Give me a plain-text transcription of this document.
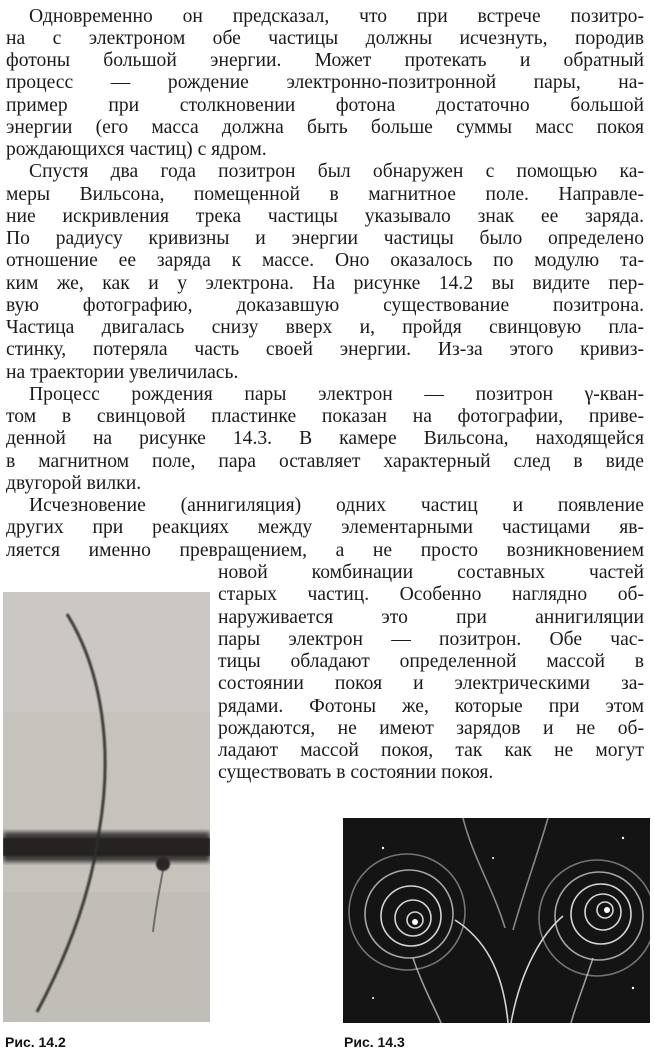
Одновременно он предсказал, что при встрече позитро-

на с электроном обе частицы должны исчезнуть, породив

фотоны большой энергии. Может протекать и обратный

процесс — рождение электронно-позитронной пары, на-

пример при столкновении фотона достаточно большой

энергии (его масса должна быть больше суммы масс покоя

рождающихся частиц) с ядром.

Спустя два года позитрон был обнаружен с помощью ка-

меры Вильсона, помещенной в магнитное поле. Направле-

ние искривления трека частицы указывало знак ее заряда.

По радиусу кривизны и энергии частицы было определено

отношение ее заряда к массе. Оно оказалось по модулю та-

ким же, как и у электрона. На рисунке 14.2 вы видите пер-

вую фотографию, доказавшую существование позитрона.

Частица двигалась снизу вверх и, пройдя свинцовую пла-

стинку, потеряла часть своей энергии. Из-за этого кривиз-

на траектории увеличилась.

Процесс рождения пары электрон — позитрон γ-кван-

том в свинцовой пластинке показан на фотографии, приве-

денной на рисунке 14.3. В камере Вильсона, находящейся

в магнитном поле, пара оставляет характерный след в виде

двугорой вилки.

Исчезновение (аннигиляция) одних частиц и появление

других при реакциях между элементарными частицами яв-

ляется именно превращением, а не просто возникновением

новой комбинации составных частей

старых частиц. Особенно наглядно об-

наруживается это при аннигиляции

пары электрон — позитрон. Обе час-

тицы обладают определенной массой в

состоянии покоя и электрическими за-

рядами. Фотоны же, которые при этом

рождаются, не имеют зарядов и не об-

ладают массой покоя, так как не могут

существовать в состоянии покоя.

Рис. 14.2	Рис. 14.3
